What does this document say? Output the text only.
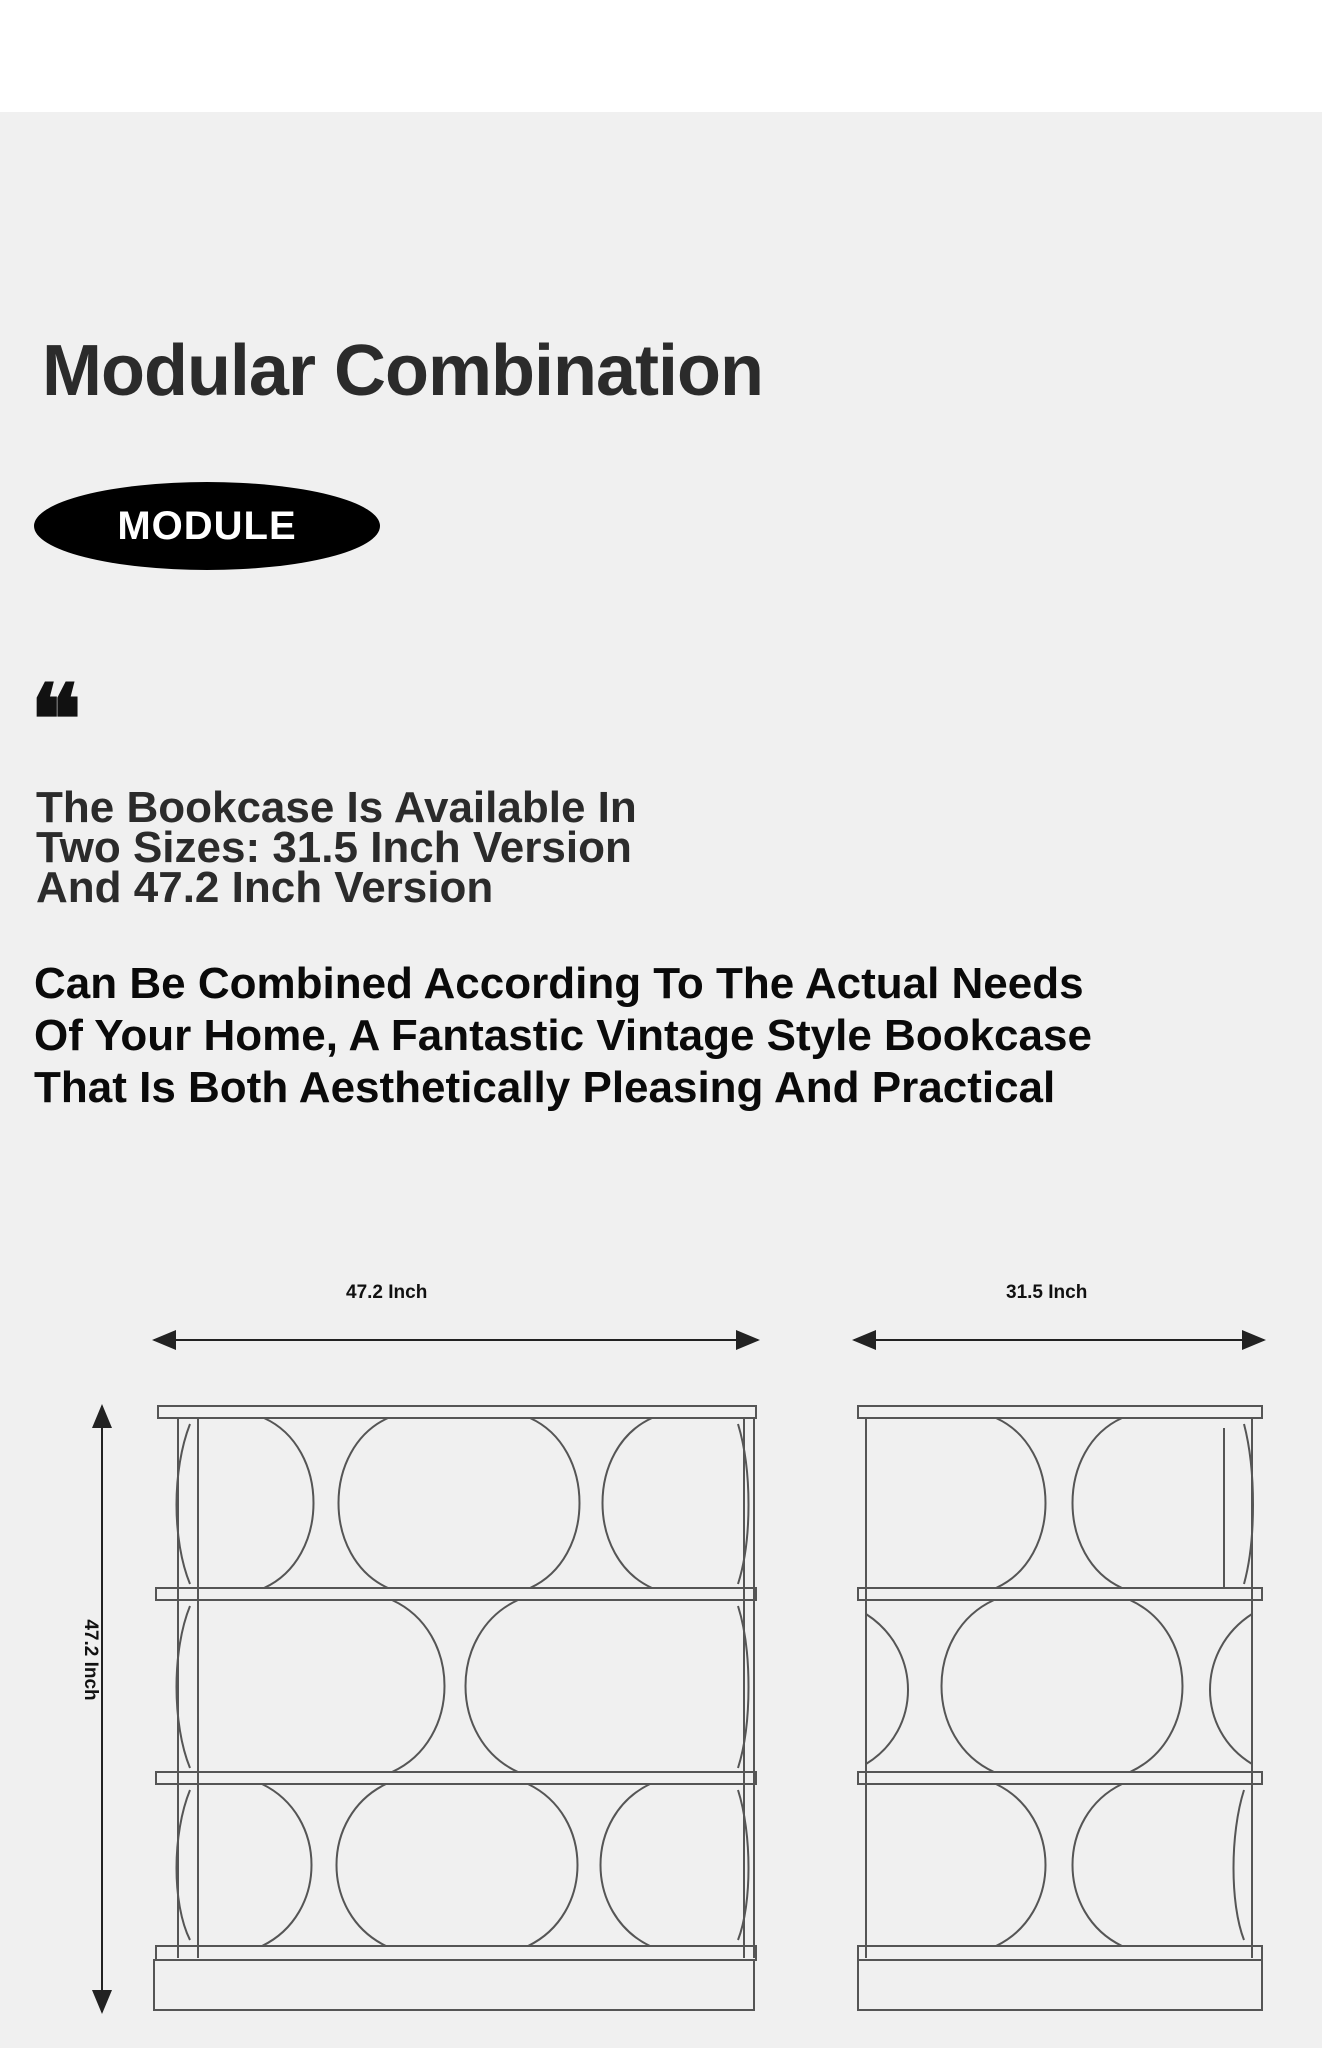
Modular Combination
MODULE
❝
The Bookcase Is Available In
Two Sizes: 31.5 Inch Version
And 47.2 Inch Version
Can Be Combined According To The Actual Needs
Of Your Home, A Fantastic Vintage Style Bookcase
That Is Both Aesthetically Pleasing And Practical
47.2 Inch	31.5 Inch
47.2 Inch
